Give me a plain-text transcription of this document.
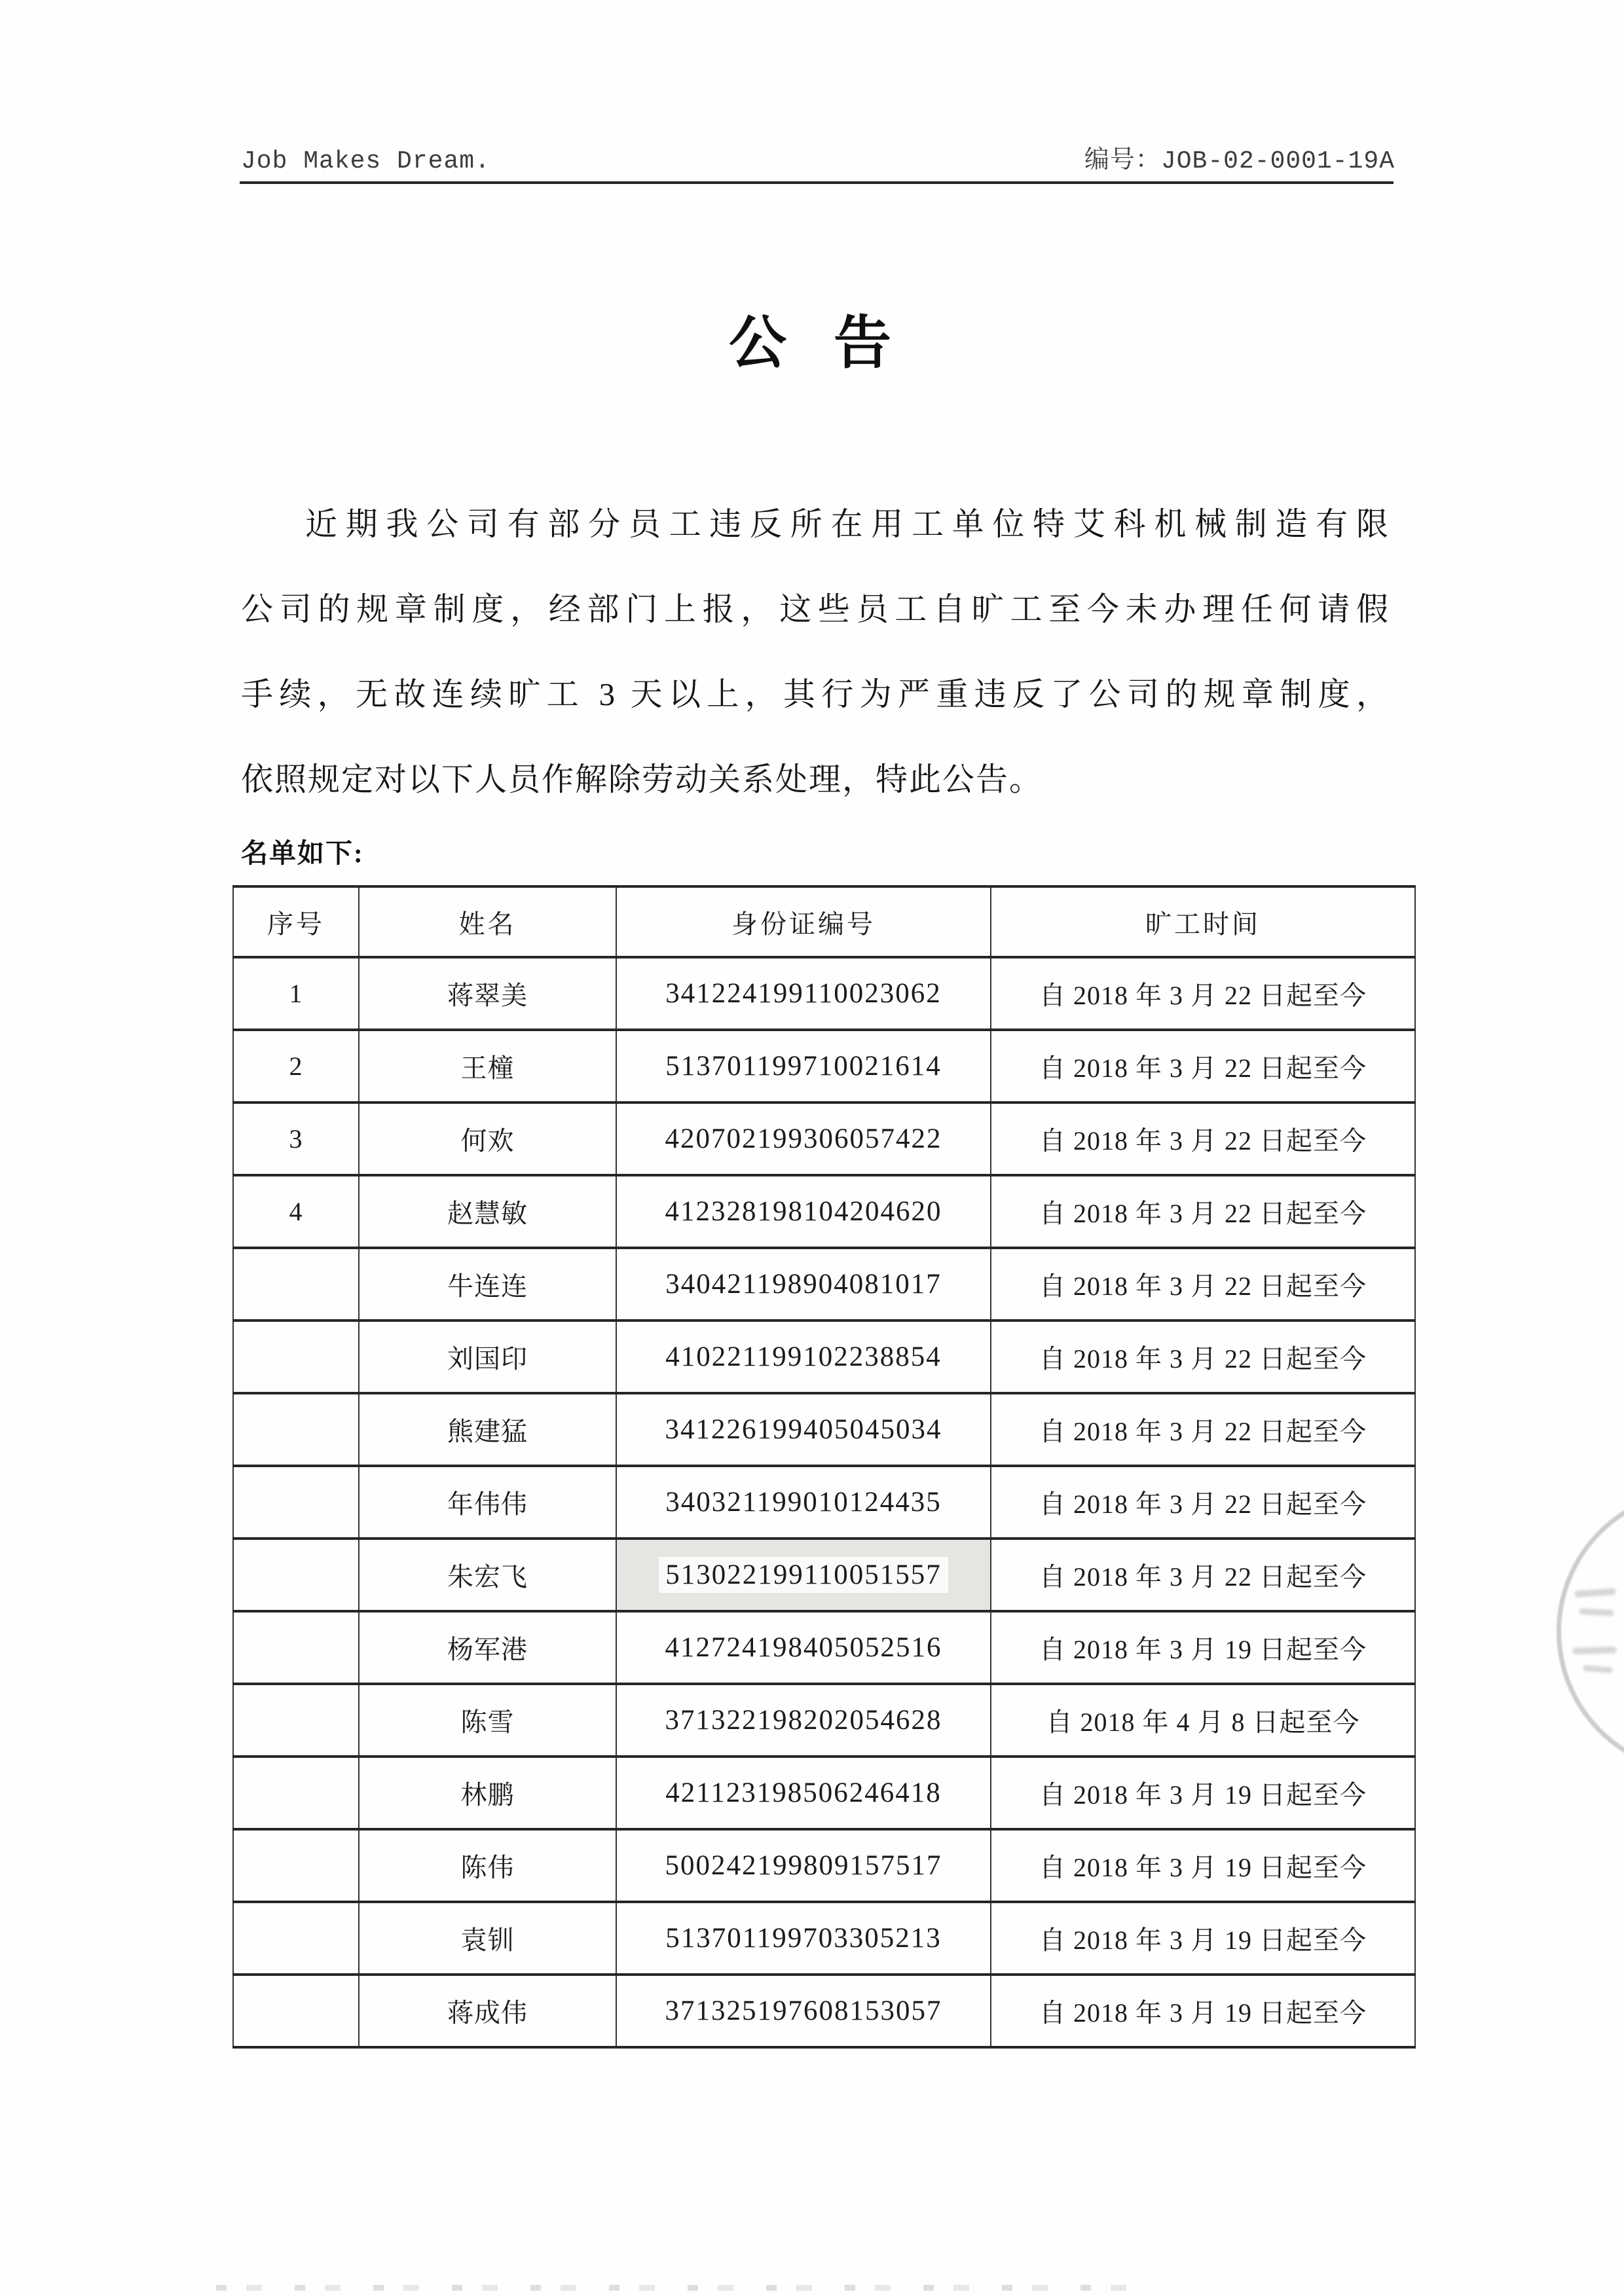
Job Makes Dream.	编号：JOB-02-0001-19A
公 告
近期我公司有部分员工违反所在用工单位特艾科机械制造有限
公司的规章制度，经部门上报，这些员工自旷工至今未办理任何请假
手续，无故连续旷工 3 天以上，其行为严重违反了公司的规章制度，
依照规定对以下人员作解除劳动关系处理，特此公告。
名单如下:
序号	姓名	身份证编号	旷工时间
1	蒋翠美	341224199110023062	自 2018 年 3 月 22 日起至今
2	王橦	513701199710021614	自 2018 年 3 月 22 日起至今
3	何欢	420702199306057422	自 2018 年 3 月 22 日起至今
4	赵慧敏	412328198104204620	自 2018 年 3 月 22 日起至今
	牛连连	340421198904081017	自 2018 年 3 月 22 日起至今
	刘国印	410221199102238854	自 2018 年 3 月 22 日起至今
	熊建猛	341226199405045034	自 2018 年 3 月 22 日起至今
	年伟伟	340321199010124435	自 2018 年 3 月 22 日起至今
	朱宏飞	513022199110051557	自 2018 年 3 月 22 日起至今
	杨军港	412724198405052516	自 2018 年 3 月 19 日起至今
	陈雪	371322198202054628	自 2018 年 4 月 8 日起至今
	林鹏	421123198506246418	自 2018 年 3 月 19 日起至今
	陈伟	500242199809157517	自 2018 年 3 月 19 日起至今
	袁钏	513701199703305213	自 2018 年 3 月 19 日起至今
	蒋成伟	371325197608153057	自 2018 年 3 月 19 日起至今
